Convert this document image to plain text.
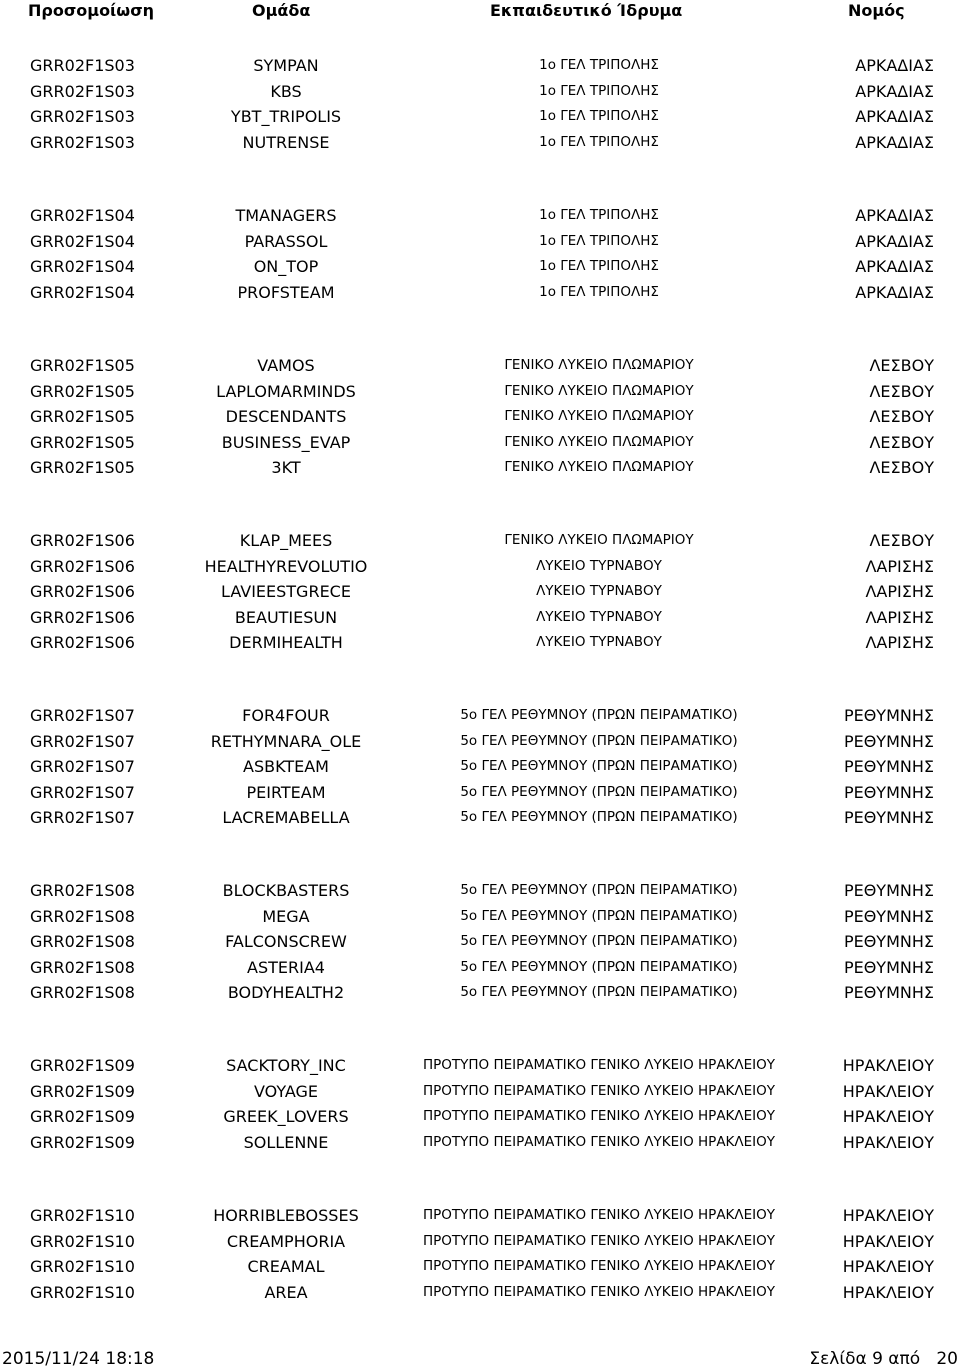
Προσομοίωση	Ομάδα	Εκπαιδευτικό Ίδρυμα	Νομός
GRR02F1S03	SYMPAN	1ο ΓΕΛ ΤΡΙΠΟΛΗΣ	ΑΡΚΑΔΙΑΣ
GRR02F1S03	KBS	1ο ΓΕΛ ΤΡΙΠΟΛΗΣ	ΑΡΚΑΔΙΑΣ
GRR02F1S03	YBT_TRIPOLIS	1ο ΓΕΛ ΤΡΙΠΟΛΗΣ	ΑΡΚΑΔΙΑΣ
GRR02F1S03	NUTRENSE	1ο ΓΕΛ ΤΡΙΠΟΛΗΣ	ΑΡΚΑΔΙΑΣ
GRR02F1S04	TMANAGERS	1ο ΓΕΛ ΤΡΙΠΟΛΗΣ	ΑΡΚΑΔΙΑΣ
GRR02F1S04	PARASSOL	1ο ΓΕΛ ΤΡΙΠΟΛΗΣ	ΑΡΚΑΔΙΑΣ
GRR02F1S04	ON_TOP	1ο ΓΕΛ ΤΡΙΠΟΛΗΣ	ΑΡΚΑΔΙΑΣ
GRR02F1S04	PROFSTEAM	1ο ΓΕΛ ΤΡΙΠΟΛΗΣ	ΑΡΚΑΔΙΑΣ
GRR02F1S05	VAMOS	ΓΕΝΙΚΟ ΛΥΚΕΙΟ ΠΛΩΜΑΡΙΟΥ	ΛΕΣΒΟΥ
GRR02F1S05	LAPLOMARMINDS	ΓΕΝΙΚΟ ΛΥΚΕΙΟ ΠΛΩΜΑΡΙΟΥ	ΛΕΣΒΟΥ
GRR02F1S05	DESCENDANTS	ΓΕΝΙΚΟ ΛΥΚΕΙΟ ΠΛΩΜΑΡΙΟΥ	ΛΕΣΒΟΥ
GRR02F1S05	BUSINESS_EVAP	ΓΕΝΙΚΟ ΛΥΚΕΙΟ ΠΛΩΜΑΡΙΟΥ	ΛΕΣΒΟΥ
GRR02F1S05	3KT	ΓΕΝΙΚΟ ΛΥΚΕΙΟ ΠΛΩΜΑΡΙΟΥ	ΛΕΣΒΟΥ
GRR02F1S06	KLAP_MEES	ΓΕΝΙΚΟ ΛΥΚΕΙΟ ΠΛΩΜΑΡΙΟΥ	ΛΕΣΒΟΥ
GRR02F1S06	HEALTHYREVOLUTIO	ΛΥΚΕΙΟ ΤΥΡΝΑΒΟΥ	ΛΑΡΙΣΗΣ
GRR02F1S06	LAVIEESTGRECE	ΛΥΚΕΙΟ ΤΥΡΝΑΒΟΥ	ΛΑΡΙΣΗΣ
GRR02F1S06	BEAUTIESUN	ΛΥΚΕΙΟ ΤΥΡΝΑΒΟΥ	ΛΑΡΙΣΗΣ
GRR02F1S06	DERMIHEALTH	ΛΥΚΕΙΟ ΤΥΡΝΑΒΟΥ	ΛΑΡΙΣΗΣ
GRR02F1S07	FOR4FOUR	5ο ΓΕΛ ΡΕΘΥΜΝΟΥ (ΠΡΩΝ ΠΕΙΡΑΜΑΤΙΚΟ)	ΡΕΘΥΜΝΗΣ
GRR02F1S07	RETHYMNARA_OLE	5ο ΓΕΛ ΡΕΘΥΜΝΟΥ (ΠΡΩΝ ΠΕΙΡΑΜΑΤΙΚΟ)	ΡΕΘΥΜΝΗΣ
GRR02F1S07	ASBKTEAM	5ο ΓΕΛ ΡΕΘΥΜΝΟΥ (ΠΡΩΝ ΠΕΙΡΑΜΑΤΙΚΟ)	ΡΕΘΥΜΝΗΣ
GRR02F1S07	PEIRTEAM	5ο ΓΕΛ ΡΕΘΥΜΝΟΥ (ΠΡΩΝ ΠΕΙΡΑΜΑΤΙΚΟ)	ΡΕΘΥΜΝΗΣ
GRR02F1S07	LACREMABELLA	5ο ΓΕΛ ΡΕΘΥΜΝΟΥ (ΠΡΩΝ ΠΕΙΡΑΜΑΤΙΚΟ)	ΡΕΘΥΜΝΗΣ
GRR02F1S08	BLOCKBASTERS	5ο ΓΕΛ ΡΕΘΥΜΝΟΥ (ΠΡΩΝ ΠΕΙΡΑΜΑΤΙΚΟ)	ΡΕΘΥΜΝΗΣ
GRR02F1S08	MEGA	5ο ΓΕΛ ΡΕΘΥΜΝΟΥ (ΠΡΩΝ ΠΕΙΡΑΜΑΤΙΚΟ)	ΡΕΘΥΜΝΗΣ
GRR02F1S08	FALCONSCREW	5ο ΓΕΛ ΡΕΘΥΜΝΟΥ (ΠΡΩΝ ΠΕΙΡΑΜΑΤΙΚΟ)	ΡΕΘΥΜΝΗΣ
GRR02F1S08	ASTERIA4	5ο ΓΕΛ ΡΕΘΥΜΝΟΥ (ΠΡΩΝ ΠΕΙΡΑΜΑΤΙΚΟ)	ΡΕΘΥΜΝΗΣ
GRR02F1S08	BODYHEALTH2	5ο ΓΕΛ ΡΕΘΥΜΝΟΥ (ΠΡΩΝ ΠΕΙΡΑΜΑΤΙΚΟ)	ΡΕΘΥΜΝΗΣ
GRR02F1S09	SACKTORY_INC	ΠΡΟΤΥΠΟ ΠΕΙΡΑΜΑΤΙΚΟ ΓΕΝΙΚΟ ΛΥΚΕΙΟ ΗΡΑΚΛΕΙΟΥ	ΗΡΑΚΛΕΙΟΥ
GRR02F1S09	VOYAGE	ΠΡΟΤΥΠΟ ΠΕΙΡΑΜΑΤΙΚΟ ΓΕΝΙΚΟ ΛΥΚΕΙΟ ΗΡΑΚΛΕΙΟΥ	ΗΡΑΚΛΕΙΟΥ
GRR02F1S09	GREEK_LOVERS	ΠΡΟΤΥΠΟ ΠΕΙΡΑΜΑΤΙΚΟ ΓΕΝΙΚΟ ΛΥΚΕΙΟ ΗΡΑΚΛΕΙΟΥ	ΗΡΑΚΛΕΙΟΥ
GRR02F1S09	SOLLENNE	ΠΡΟΤΥΠΟ ΠΕΙΡΑΜΑΤΙΚΟ ΓΕΝΙΚΟ ΛΥΚΕΙΟ ΗΡΑΚΛΕΙΟΥ	ΗΡΑΚΛΕΙΟΥ
GRR02F1S10	HORRIBLEBOSSES	ΠΡΟΤΥΠΟ ΠΕΙΡΑΜΑΤΙΚΟ ΓΕΝΙΚΟ ΛΥΚΕΙΟ ΗΡΑΚΛΕΙΟΥ	ΗΡΑΚΛΕΙΟΥ
GRR02F1S10	CREAMPHORIA	ΠΡΟΤΥΠΟ ΠΕΙΡΑΜΑΤΙΚΟ ΓΕΝΙΚΟ ΛΥΚΕΙΟ ΗΡΑΚΛΕΙΟΥ	ΗΡΑΚΛΕΙΟΥ
GRR02F1S10	CREAMAL	ΠΡΟΤΥΠΟ ΠΕΙΡΑΜΑΤΙΚΟ ΓΕΝΙΚΟ ΛΥΚΕΙΟ ΗΡΑΚΛΕΙΟΥ	ΗΡΑΚΛΕΙΟΥ
GRR02F1S10	AREA	ΠΡΟΤΥΠΟ ΠΕΙΡΑΜΑΤΙΚΟ ΓΕΝΙΚΟ ΛΥΚΕΙΟ ΗΡΑΚΛΕΙΟΥ	ΗΡΑΚΛΕΙΟΥ
2015/11/24 18:18	Σελίδα 9 από   20
